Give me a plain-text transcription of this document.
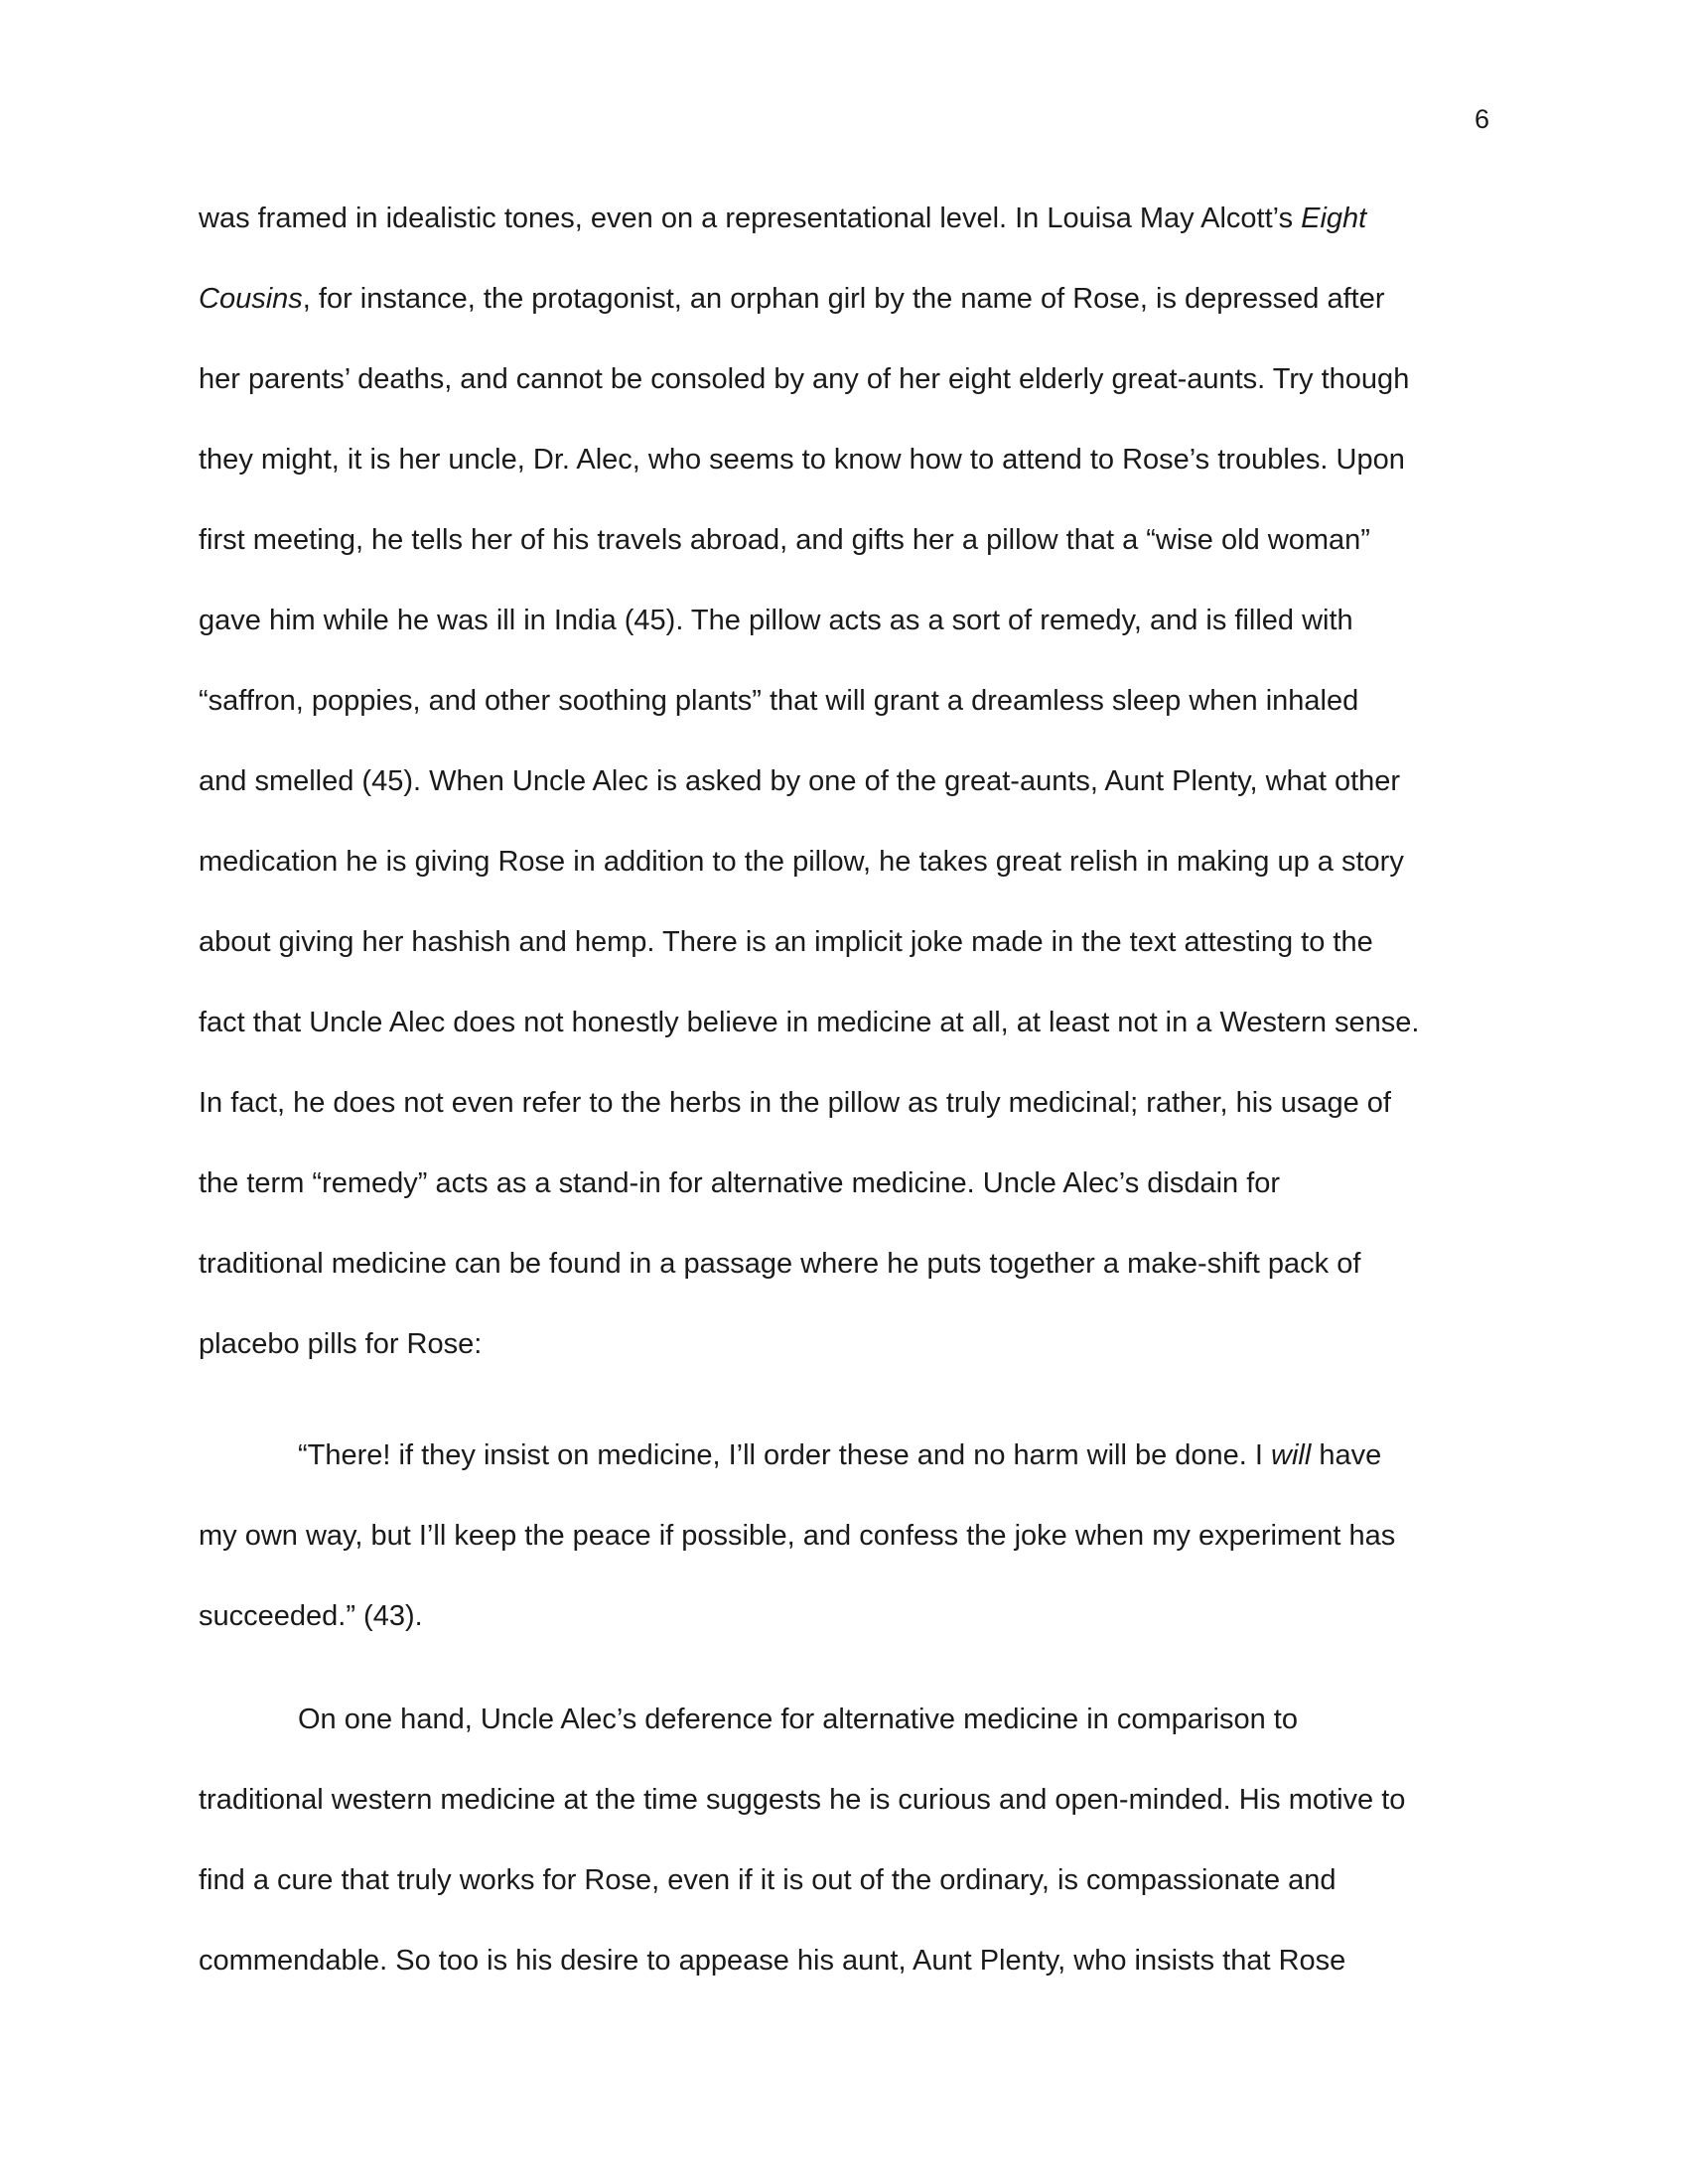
6
was framed in idealistic tones, even on a representational level. In Louisa May Alcott’s Eight
Cousins, for instance, the protagonist, an orphan girl by the name of Rose, is depressed after
her parents’ deaths, and cannot be consoled by any of her eight elderly great-aunts. Try though
they might, it is her uncle, Dr. Alec, who seems to know how to attend to Rose’s troubles. Upon
first meeting, he tells her of his travels abroad, and gifts her a pillow that a “wise old woman”
gave him while he was ill in India (45). The pillow acts as a sort of remedy, and is filled with
“saffron, poppies, and other soothing plants” that will grant a dreamless sleep when inhaled
and smelled (45). When Uncle Alec is asked by one of the great-aunts, Aunt Plenty, what other
medication he is giving Rose in addition to the pillow, he takes great relish in making up a story
about giving her hashish and hemp. There is an implicit joke made in the text attesting to the
fact that Uncle Alec does not honestly believe in medicine at all, at least not in a Western sense.
In fact, he does not even refer to the herbs in the pillow as truly medicinal; rather, his usage of
the term “remedy” acts as a stand-in for alternative medicine. Uncle Alec’s disdain for
traditional medicine can be found in a passage where he puts together a make-shift pack of
placebo pills for Rose:
“There! if they insist on medicine, I’ll order these and no harm will be done. I will have
my own way, but I’ll keep the peace if possible, and confess the joke when my experiment has
succeeded.” (43).
On one hand, Uncle Alec’s deference for alternative medicine in comparison to
traditional western medicine at the time suggests he is curious and open-minded. His motive to
find a cure that truly works for Rose, even if it is out of the ordinary, is compassionate and
commendable. So too is his desire to appease his aunt, Aunt Plenty, who insists that Rose
